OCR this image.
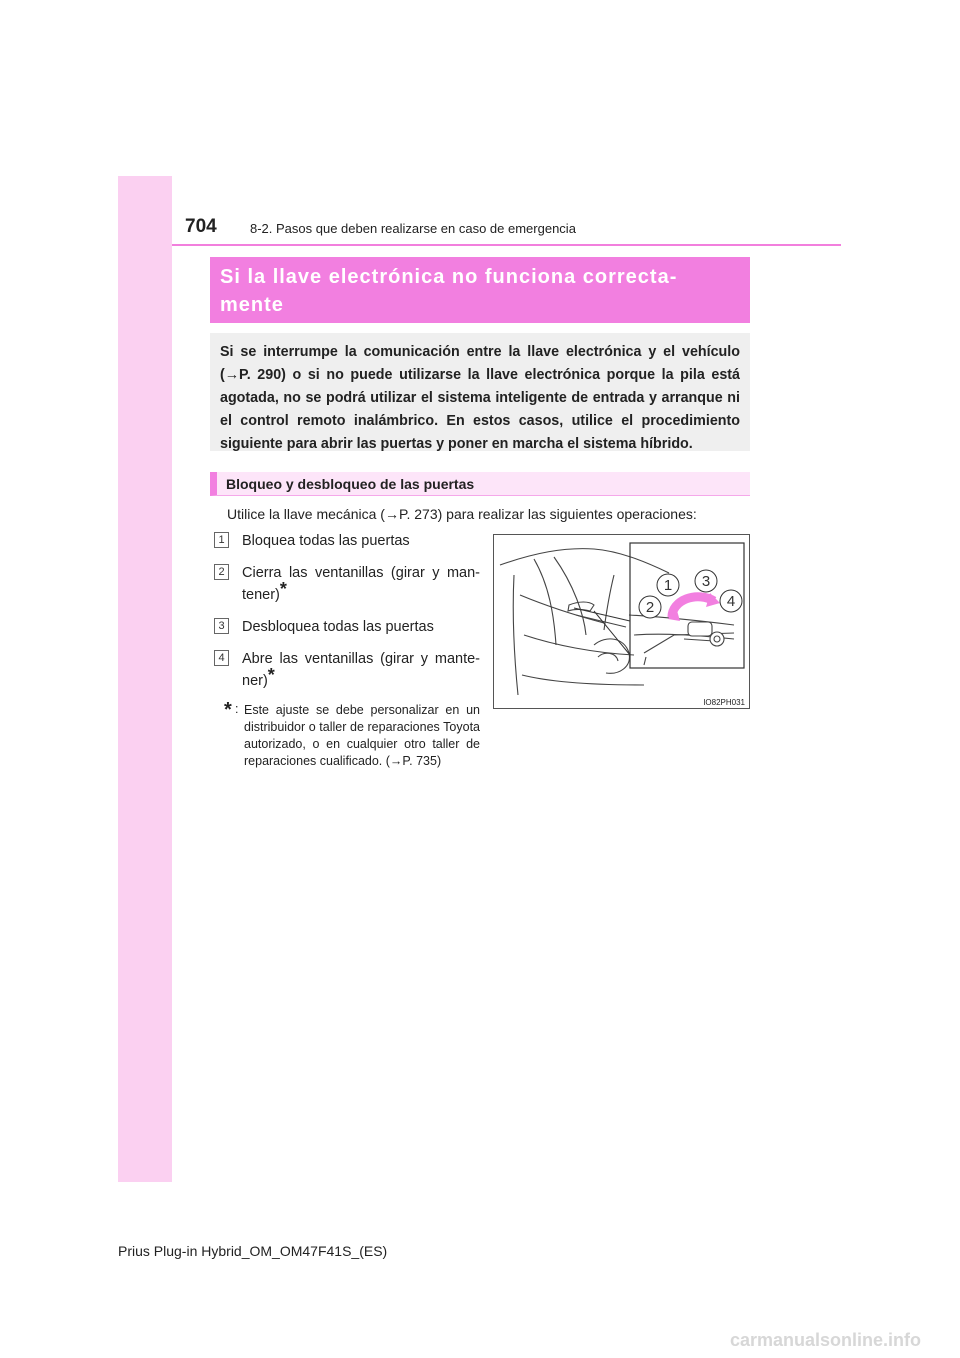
704	8-2. Pasos que deben realizarse en caso de emergencia
Si la llave electrónica no funciona correcta-
mente

Si se interrumpe la comunicación entre la llave electrónica y el vehículo (→P. 290) o si no puede utilizarse la llave electrónica porque la pila está agotada, no se podrá utilizar el sistema inteligente de entrada y arranque ni el control remoto inalámbrico. En estos casos, utilice el procedimiento siguiente para abrir las puertas y poner en marcha el sistema híbrido.

Bloqueo y desbloqueo de las puertas
Utilice la llave mecánica (→P. 273) para realizar las siguientes operaciones:
1	Bloquea todas las puertas
2	Cierra las ventanillas (girar y man- tener)*
3	Desbloquea todas las puertas
4	Abre las ventanillas (girar y mante- ner)*
* : Este ajuste se debe personalizar en un distribuidor o taller de reparaciones Toyota autorizado, o en cualquier otro taller de reparaciones cualificado. (→P. 735)
1 3
2	4
IO82PH031
Prius Plug-in Hybrid_OM_OM47F41S_(ES)
carmanualsonline.info
